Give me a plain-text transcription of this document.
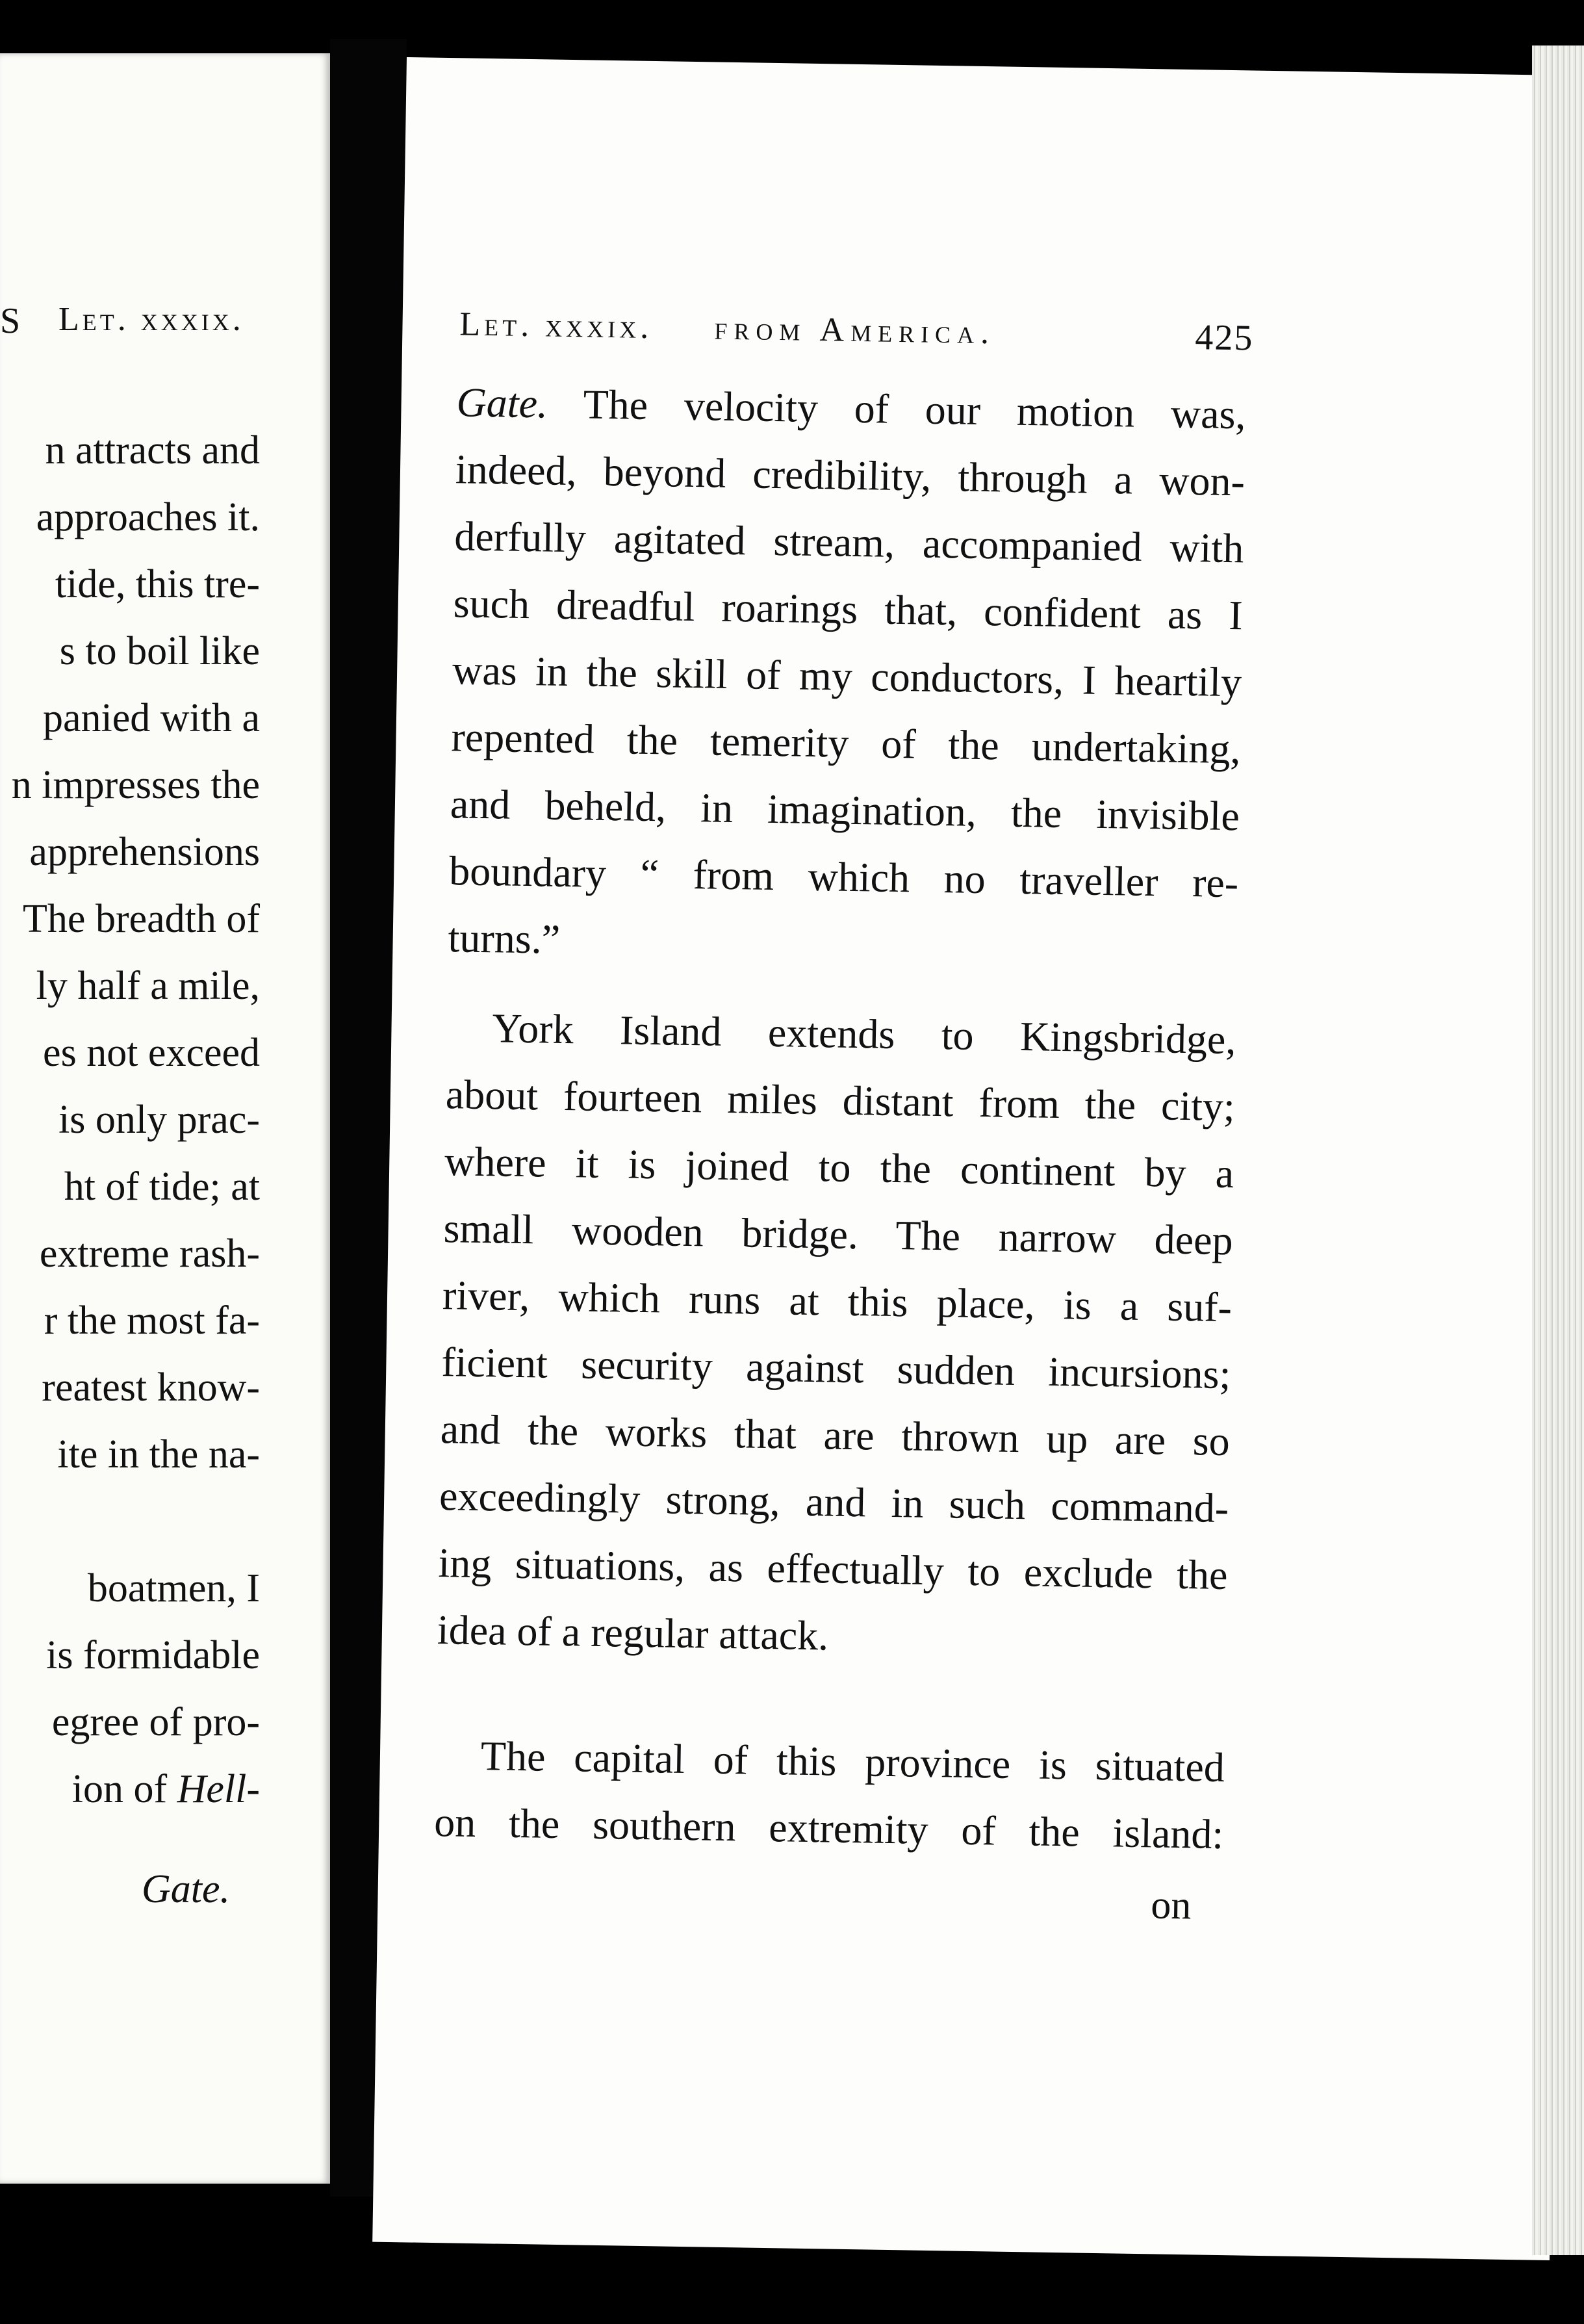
S Let. xxxix.
n attracts and
approaches it.
tide, this tre-
s to boil like
panied with a
n impresses the
apprehensions
The breadth of
ly half a mile,
es not exceed
is only prac-
ht of tide; at
extreme rash-
r the most fa-
reatest know-
ite in the na-
boatmen, I
is formidable
egree of pro-
ion of Hell-
Gate.
Let. xxxix. from America.	425
Gate. The velocity of our motion was,
indeed, beyond credibility, through a won-
derfully agitated stream, accompanied with
such dreadful roarings that, confident as I
was in the skill of my conductors, I heartily
repented the temerity of the undertaking,
and beheld, in imagination, the invisible
boundary “ from which no traveller re-
turns.”
York Island extends to Kingsbridge,
about fourteen miles distant from the city;
where it is joined to the continent by a
small wooden bridge. The narrow deep
river, which runs at this place, is a suf-
ficient security against sudden incursions;
and the works that are thrown up are so
exceedingly strong, and in such command-
ing situations, as effectually to exclude the
idea of a regular attack.
The capital of this province is situated
on the southern extremity of the island:
on
